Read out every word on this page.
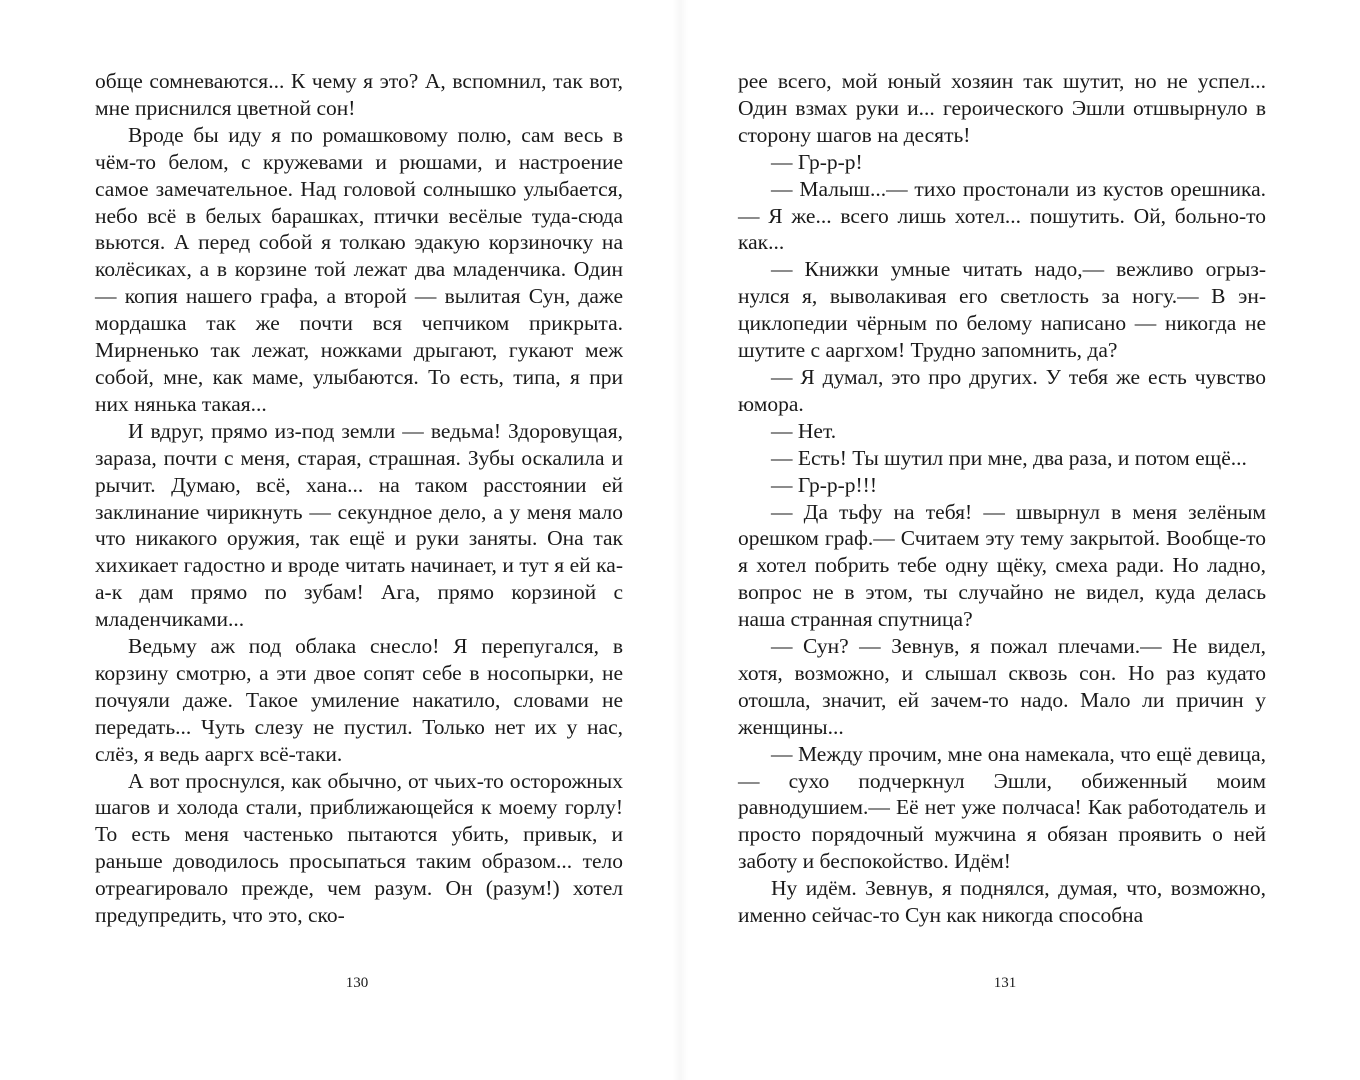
обще сомневаются... К чему я это? А, вспомнил, так вот, мне приснился цветной сон!

Вроде бы иду я по ромашковому полю, сам весь в чём-то белом, с кружевами и рюшами, и настроение самое замечательное. Над головой солнышко улыбается, небо всё в белых барашках, птички весёлые туда-сюда вьются. А перед собой я толкаю эдакую корзиночку на колёсиках, а в корзине той лежат два младенчика. Один — копия нашего графа, а второй — вылитая Сун, даже мордашка так же почти вся чепчиком прикрыта. Мирненько так лежат, ножками дрыгают, гукают меж собой, мне, как маме, улыбаются. То есть, типа, я при них нянька такая...

И вдруг, прямо из-под земли — ведьма! Здоровущая, зараза, почти с меня, старая, страшная. Зубы оскалила и рычит. Думаю, всё, хана... на таком расстоянии ей заклинание чирикнуть — секундное дело, а у меня мало что никакого оружия, так ещё и руки заняты. Она так хихикает гадостно и вроде читать начинает, и тут я ей ка-а-к дам прямо по зубам! Ага, прямо корзиной с младенчиками...

Ведьму аж под облака снесло! Я перепугался, в корзину смотрю, а эти двое сопят себе в носопырки, не почуяли даже. Такое умиление накатило, словами не передать... Чуть слезу не пустил. Только нет их у нас, слёз, я ведь ааргх всё-таки.

А вот проснулся, как обычно, от чьих-то осторожных шагов и холода стали, приближающейся к моему горлу! То есть меня частенько пытаются убить, привык, и раньше доводилось просыпаться таким образом... тело отреагировало прежде, чем разум. Он (разум!) хотел предупредить, что это, ско-

рее всего, мой юный хозяин так шутит, но не успел... Один взмах руки и... героического Эшли отшвырнуло в сторону шагов на десять!

— Гр-р-р!

— Малыш...— тихо простонали из кустов орешника.— Я же... всего лишь хотел... пошутить. Ой, больно-то как...

— Книжки умные читать надо,— вежливо огрызнулся я, выволакивая его светлость за ногу.— В энциклопедии чёрным по белому написано — никогда не шутите с ааргхом! Трудно запомнить, да?

— Я думал, это про других. У тебя же есть чувство юмора.

— Нет.

— Есть! Ты шутил при мне, два раза, и потом ещё...

— Гр-р-р!!!

— Да тьфу на тебя! — швырнул в меня зелёным орешком граф.— Считаем эту тему закрытой. Вообще-то я хотел побрить тебе одну щёку, смеха ради. Но ладно, вопрос не в этом, ты случайно не видел, куда делась наша странная спутница?

— Сун? — Зевнув, я пожал плечами.— Не видел, хотя, возможно, и слышал сквозь сон. Но раз кудато отошла, значит, ей зачем-то надо. Мало ли причин у женщины...

— Между прочим, мне она намекала, что ещё девица,— сухо подчеркнул Эшли, обиженный моим равнодушием.— Её нет уже полчаса! Как работодатель и просто порядочный мужчина я обязан проявить о ней заботу и беспокойство. Идём!

Ну идём. Зевнув, я поднялся, думая, что, возможно, именно сейчас-то Сун как никогда способна

130	131
